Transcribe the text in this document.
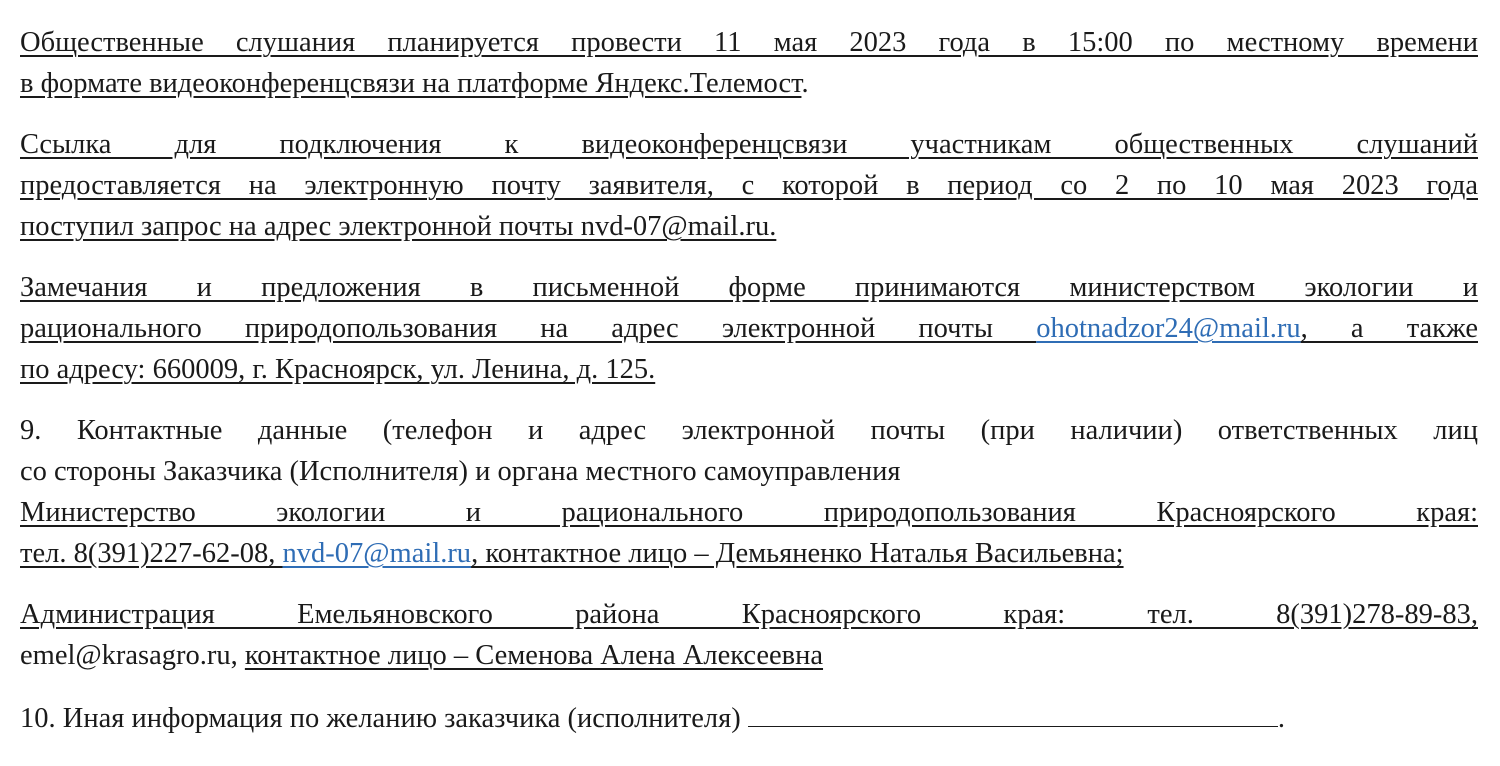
Общественные слушания планируется провести 11 мая 2023 года в 15:00 по местному времени
в формате видеоконференцсвязи на платформе Яндекс.Телемост.
Ссылка для подключения к видеоконференцсвязи участникам общественных слушаний
предоставляется на электронную почту заявителя, с которой в период со 2 по 10 мая 2023 года
поступил запрос на адрес электронной почты nvd-07@mail.ru.
Замечания и предложения в письменной форме принимаются министерством экологии и
рационального природопользования на адрес электронной почты ohotnadzor24@mail.ru, а также
по адресу: 660009, г. Красноярск, ул. Ленина, д. 125.
9. Контактные данные (телефон и адрес электронной почты (при наличии) ответственных лиц
со стороны Заказчика (Исполнителя) и органа местного самоуправления
Министерство экологии и рационального природопользования Красноярского края:
тел. 8(391)227-62-08, nvd-07@mail.ru, контактное лицо – Демьяненко Наталья Васильевна;
Администрация Емельяновского района Красноярского края: тел. 8(391)278-89-83,
emel@krasagro.ru, контактное лицо – Семенова Алена Алексеевна
10. Иная информация по желанию заказчика (исполнителя)	.
